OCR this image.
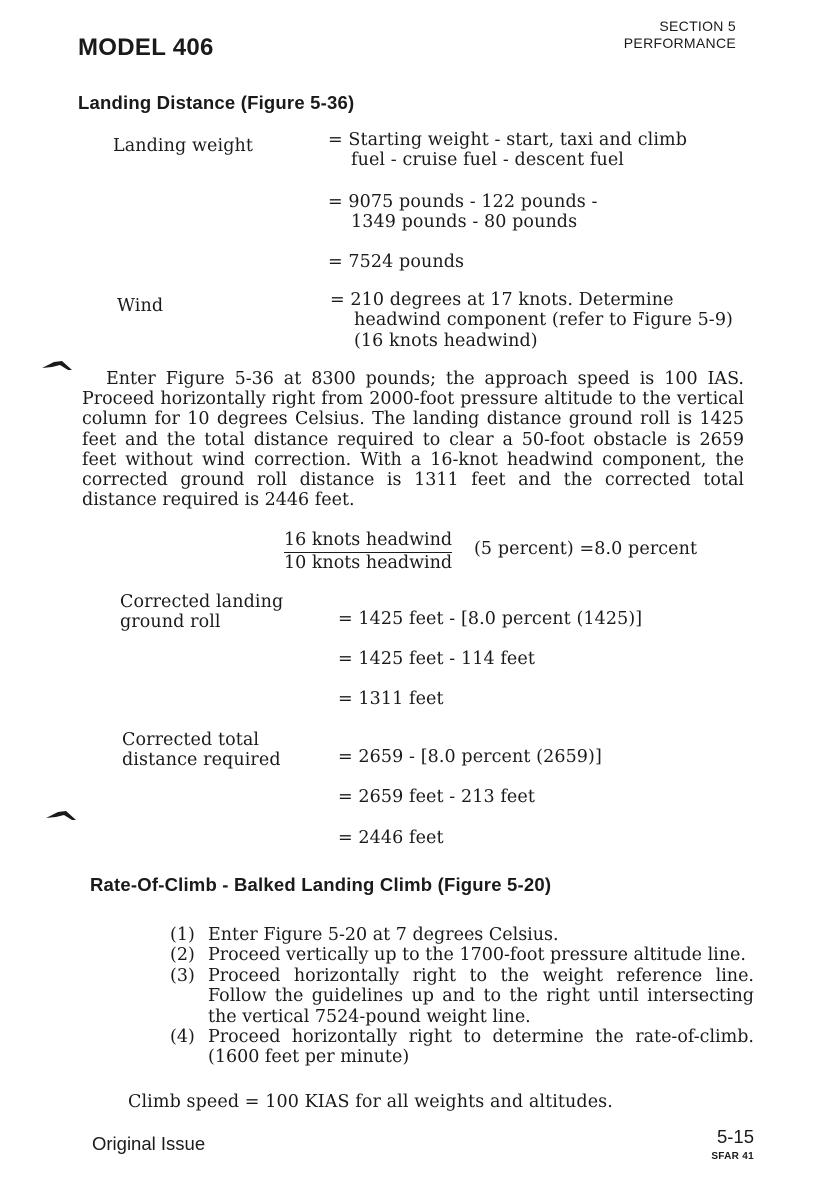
MODEL 406
SECTION 5
PERFORMANCE
Landing Distance (Figure 5-36)
Landing weight	= Starting weight - start, taxi and climb
fuel - cruise fuel - descent fuel
= 9075 pounds - 122 pounds -
1349 pounds - 80 pounds
= 7524 pounds
Wind	= 210 degrees at 17 knots. Determine
headwind component (refer to Figure 5-9)
(16 knots headwind)

Enter Figure 5-36 at 8300 pounds; the approach speed is 100 IAS. Proceed horizontally right from 2000-foot pressure altitude to the vertical column for 10 degrees Celsius. The landing distance ground roll is 1425 feet and the total distance required to clear a 50-foot obstacle is 2659 feet without wind correction. With a 16-knot headwind component, the corrected ground roll distance is 1311 feet and the corrected total distance required is 2446 feet.

16 knots headwind
10 knots headwind
(5 percent) =8.0 percent
Corrected landing
ground roll	= 1425 feet - [8.0 percent (1425)]
= 1425 feet - 114 feet
= 1311 feet
Corrected total
distance required	= 2659 - [8.0 percent (2659)]
= 2659 feet - 213 feet
= 2446 feet
Rate-Of-Climb - Balked Landing Climb (Figure 5-20)
(1) Enter Figure 5-20 at 7 degrees Celsius.
(2) Proceed vertically up to the 1700-foot pressure altitude line.
(3) Proceed horizontally right to the weight reference line. Follow the guidelines up and to the right until intersecting the vertical 7524-pound weight line.
(4) Proceed horizontally right to determine the rate-of-climb. (1600 feet per minute)
Climb speed = 100 KIAS for all weights and altitudes.
Original Issue	5-15
SFAR 41
